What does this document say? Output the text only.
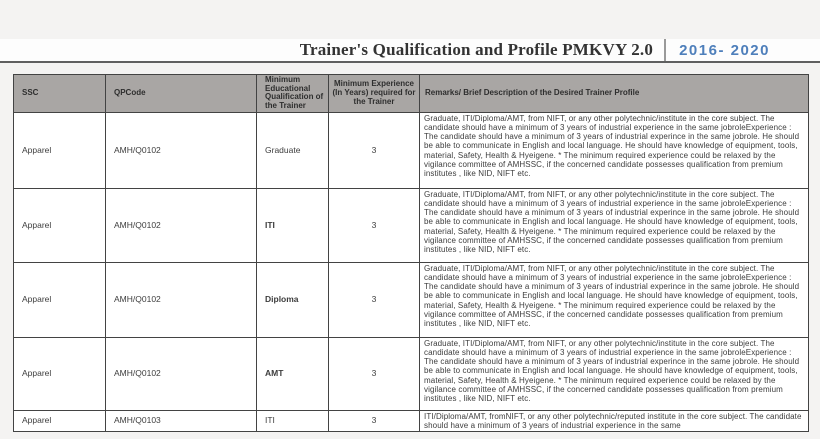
Trainer's Qualification and Profile PMKVY 2.0 2016- 2020
SSC	QPCode	Minimum Educational Qualification of the Trainer	Minimum Experience (In Years) required for the Trainer	Remarks/ Brief Description of the Desired Trainer Profile
Apparel	AMH/Q0102	Graduate	3	Graduate, ITI/Diploma/AMT, from NIFT, or any other polytechnic/institute in the core subject. The candidate should have a minimum of 3 years of industrial experience in the same jobroleExperience : The candidate should have a minimum of 3 years of industrial experince in the same jobrole. He should be able to communicate in English and local language. He should have knowledge of equipment, tools, material, Safety, Health & Hyeigene. * The minimum required experience could be relaxed by the vigilance committee of AMHSSC, if the concerned candidate possesses qualification from premium institutes , like NID, NIFT etc.
Apparel	AMH/Q0102	ITI	3	Graduate, ITI/Diploma/AMT, from NIFT, or any other polytechnic/institute in the core subject. The candidate should have a minimum of 3 years of industrial experience in the same jobroleExperience : The candidate should have a minimum of 3 years of industrial experince in the same jobrole. He should be able to communicate in English and local language. He should have knowledge of equipment, tools, material, Safety, Health & Hyeigene. * The minimum required experience could be relaxed by the vigilance committee of AMHSSC, if the concerned candidate possesses qualification from premium institutes , like NID, NIFT etc.
Apparel	AMH/Q0102	Diploma	3	Graduate, ITI/Diploma/AMT, from NIFT, or any other polytechnic/institute in the core subject. The candidate should have a minimum of 3 years of industrial experience in the same jobroleExperience : The candidate should have a minimum of 3 years of industrial experince in the same jobrole. He should be able to communicate in English and local language. He should have knowledge of equipment, tools, material, Safety, Health & Hyeigene. * The minimum required experience could be relaxed by the vigilance committee of AMHSSC, if the concerned candidate possesses qualification from premium institutes , like NID, NIFT etc.
Apparel	AMH/Q0102	AMT	3	Graduate, ITI/Diploma/AMT, from NIFT, or any other polytechnic/institute in the core subject. The candidate should have a minimum of 3 years of industrial experience in the same jobroleExperience : The candidate should have a minimum of 3 years of industrial experince in the same jobrole. He should be able to communicate in English and local language. He should have knowledge of equipment, tools, material, Safety, Health & Hyeigene. * The minimum required experience could be relaxed by the vigilance committee of AMHSSC, if the concerned candidate possesses qualification from premium institutes , like NID, NIFT etc.
Apparel	AMH/Q0103	ITI	3	ITI/Diploma/AMT, fromNIFT, or any other polytechnic/reputed institute in the core subject. The candidate should have a minimum of 3 years of industrial experience in the same
